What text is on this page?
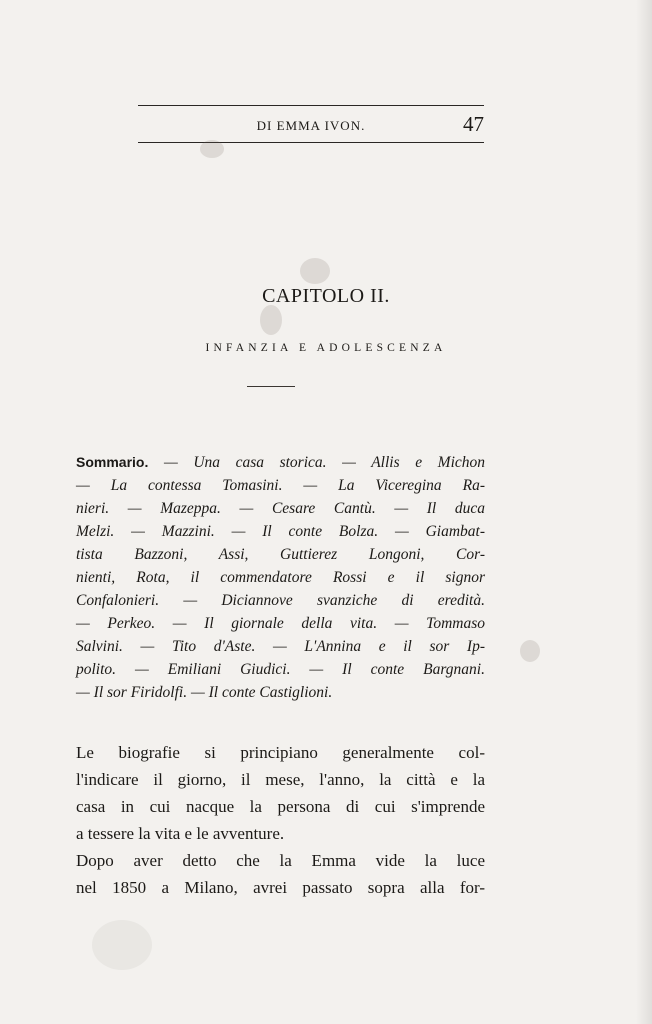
DI EMMA IVON.	47
CAPITOLO II.
INFANZIA E ADOLESCENZA
Sommario. — Una casa storica. — Allis e Michon
— La contessa Tomasini. — La Viceregina Ra-
nieri. — Mazeppa. — Cesare Cantù. — Il duca
Melzi. — Mazzini. — Il conte Bolza. — Giambat-
tista Bazzoni, Assi, Guttierez Longoni, Cor-
nienti, Rota, il commendatore Rossi e il signor
Confalonieri. — Diciannove svanziche di eredità.
— Perkeo. — Il giornale della vita. — Tommaso
Salvini. — Tito d'Aste. — L'Annina e il sor Ip-
polito. — Emiliani Giudici. — Il conte Bargnani.
— Il sor Firidolfi. — Il conte Castiglioni.
Le biografie si principiano generalmente col-
l'indicare il giorno, il mese, l'anno, la città e la
casa in cui nacque la persona di cui s'imprende
a tessere la vita e le avventure.
Dopo aver detto che la Emma vide la luce
nel 1850 a Milano, avrei passato sopra alla for-
